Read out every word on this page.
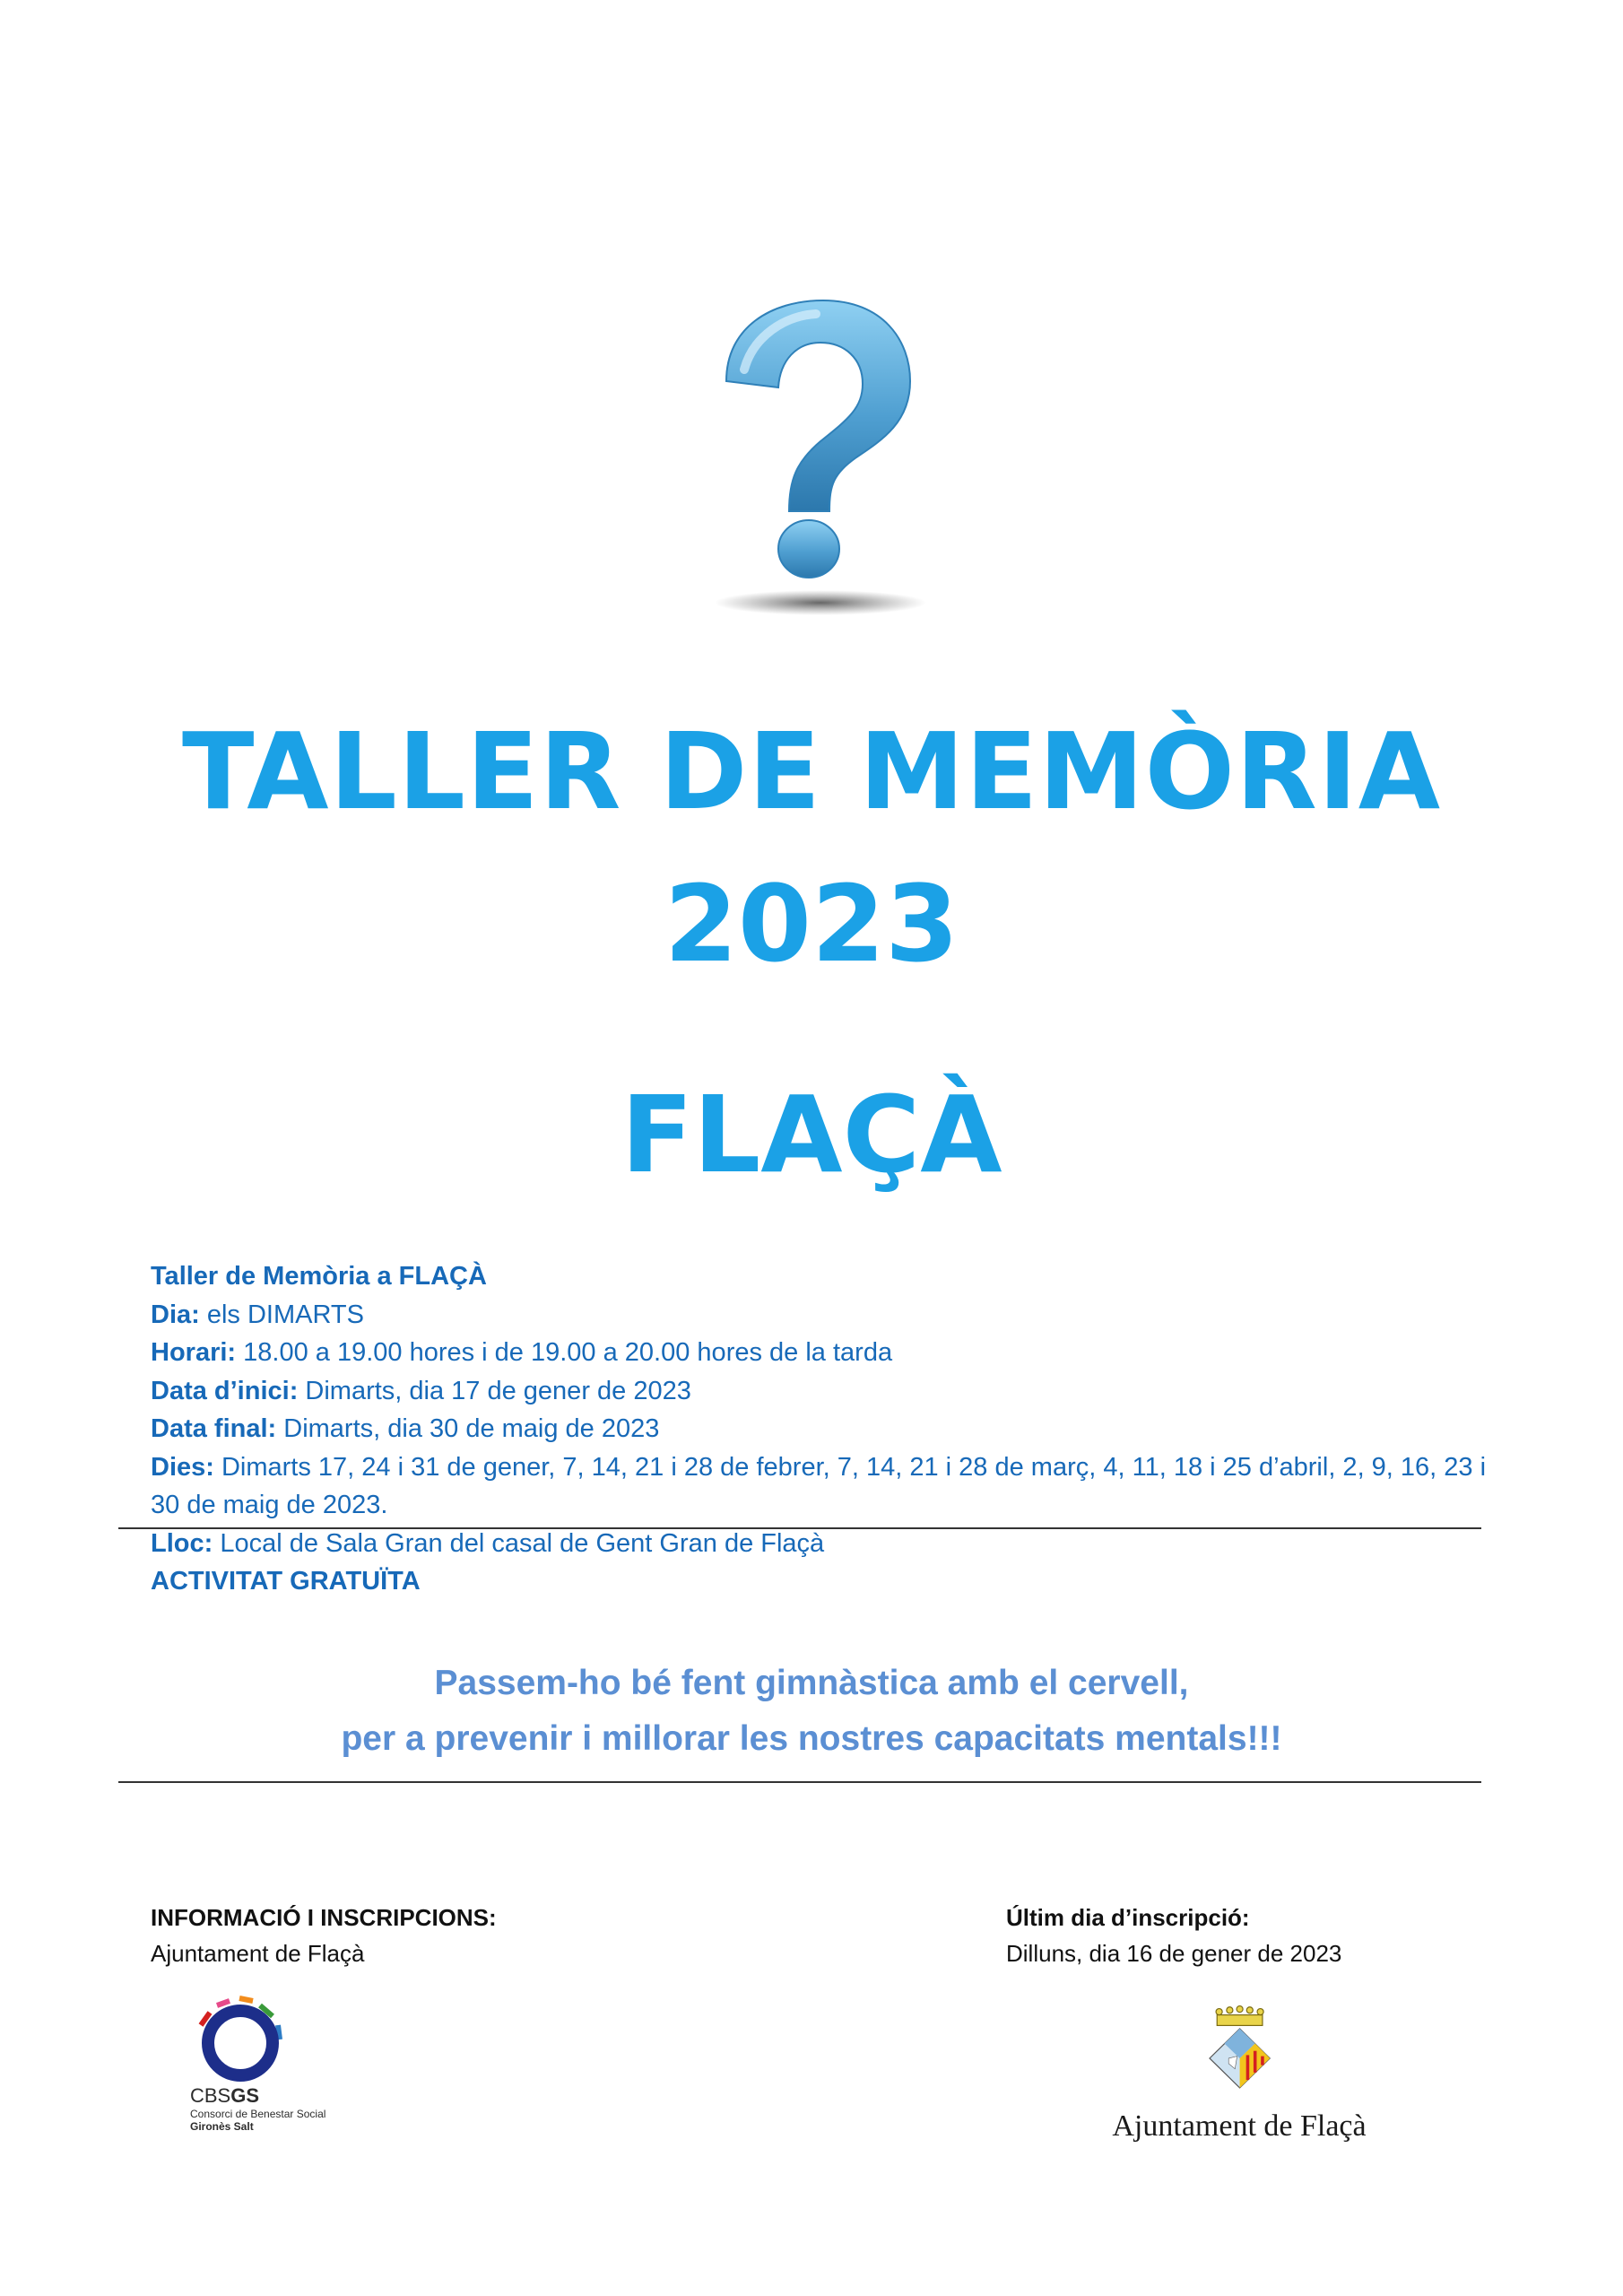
TALLER DE MEMÒRIA
2023
FLAÇÀ
Taller de Memòria a FLAÇÀ
Dia: els DIMARTS
Horari: 18.00 a 19.00 hores i de 19.00 a 20.00 hores de la tarda
Data d’inici: Dimarts, dia 17 de gener de 2023
Data final: Dimarts, dia 30 de maig de 2023
Dies: Dimarts 17, 24 i 31 de gener, 7, 14, 21 i 28 de febrer, 7, 14, 21 i 28 de març, 4, 11, 18 i 25 d’abril, 2, 9, 16, 23 i 30 de maig de 2023.
Lloc: Local de Sala Gran del casal de Gent Gran de Flaçà
ACTIVITAT GRATUÏTA
Passem-ho bé fent gimnàstica amb el cervell,
per a prevenir i millorar les nostres capacitats mentals!!!
INFORMACIÓ I INSCRIPCIONS:
Ajuntament de Flaçà
Últim dia d’inscripció:
Dilluns, dia 16 de gener de 2023
CBSGS
Consorci de Benestar Social
Gironès Salt	Ajuntament de Flaçà
